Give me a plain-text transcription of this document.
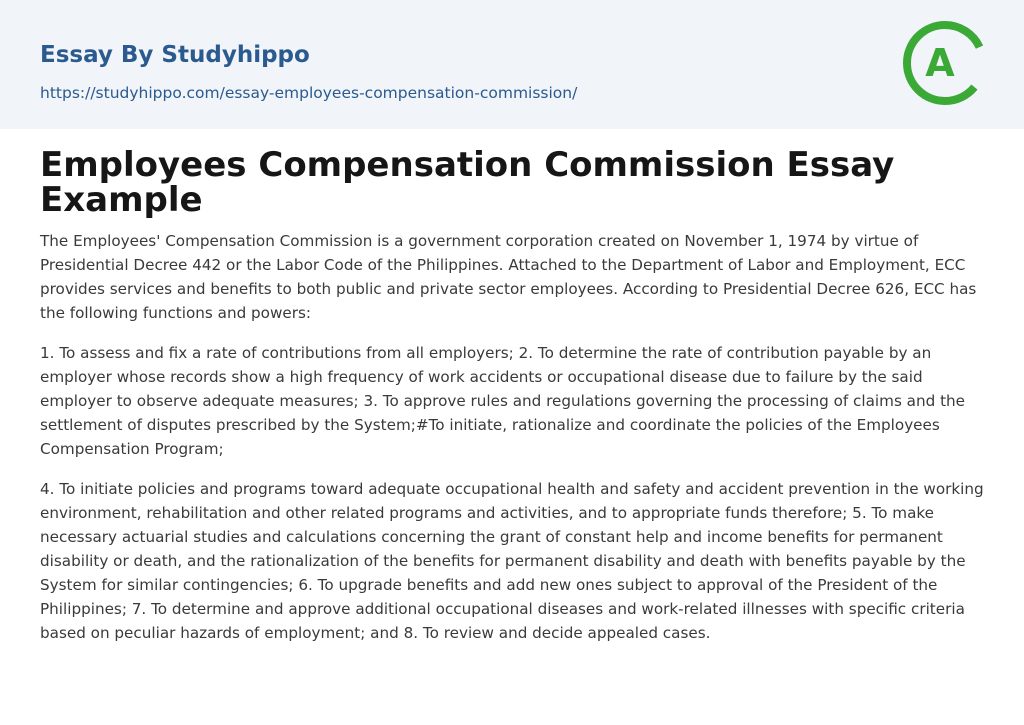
Essay By Studyhippo
https://studyhippo.com/essay-employees-compensation-commission/
A
Employees Compensation Commission Essay Example

The Employees' Compensation Commission is a government corporation created on November 1, 1974 by virtue of Presidential Decree 442 or the Labor Code of the Philippines. Attached to the Department of Labor and Employment, ECC provides services and benefits to both public and private sector employees. According to Presidential Decree 626, ECC has the following functions and powers:

1. To assess and fix a rate of contributions from all employers; 2. To determine the rate of contribution payable by an employer whose records show a high frequency of work accidents or occupational disease due to failure by the said employer to observe adequate measures; 3. To approve rules and regulations governing the processing of claims and the settlement of disputes prescribed by the System;#To initiate, rationalize and coordinate the policies of the Employees Compensation Program;

4. To initiate policies and programs toward adequate occupational health and safety and accident prevention in the working environment, rehabilitation and other related programs and activities, and to appropriate funds therefore; 5. To make necessary actuarial studies and calculations concerning the grant of constant help and income benefits for permanent disability or death, and the rationalization of the benefits for permanent disability and death with benefits payable by the System for similar contingencies; 6. To upgrade benefits and add new ones subject to approval of the President of the Philippines; 7. To determine and approve additional occupational diseases and work-related illnesses with specific criteria based on peculiar hazards of employment; and 8. To review and decide appealed cases.
